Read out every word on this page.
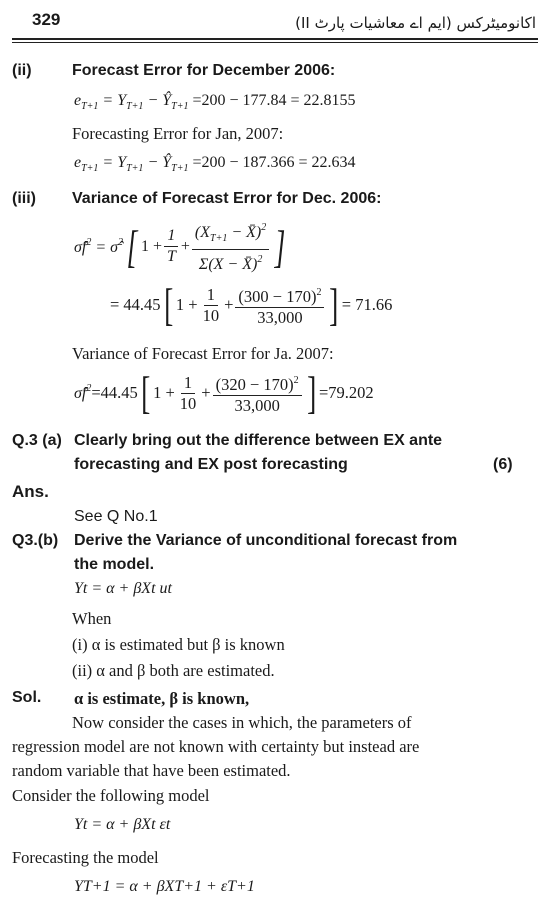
329	اکانومیٹرکس (ایم اے معاشیات پارٹ II)
(ii)	Forecast Error for December 2006:
$e_{T+1} = Y_{T+1}$ − $Ŷ_{T+1} =200 - 177.84 = 22.8155$
Forecasting Error for Jan, 2007:
$e_{T+1} = Y_{T+1}$ − $Ŷ_{T+1} =200 - 187.366 = 22.634$
(iii) Variance of Forecast Error for Dec. 2006:
$\sigmâf^2$ = σ̂$^2$ [ $1 + \frac{1}{T} + \frac{(X_{T+1} - X̄)^2}{\Sigma(X - X̄)^2}$ ]
= 44.45 [ $1 + \frac{1}{10} + \frac{(300 - 170)^2}{33,000}$ ] = 71.66
Variance of Forecast Error for Ja. 2007:
$\sigmâf^2 =44.45$ [ $1 + \frac{1}{10} + \frac{(320 - 170)^2}{33,000}$ ] =79.202
Q.3 (a) Clearly bring out the difference between EX ante
forecasting and EX post forecasting	(6)
Ans.
See Q No.1
Q3.(b) Derive the Variance of unconditional forecast from
the model.
Yt = α + βXt ut
When
(i) α is estimated but β is known
(ii) α and β both are estimated.
Sol. α is estimate, β is known,
Now consider the cases in which, the parameters of
regression model are not known with certainty but instead are
random variable that have been estimated.
Consider the following model
Yt = α + βXt εt
Forecasting the model
YT+1 = α + βXT+1 + εT+1
